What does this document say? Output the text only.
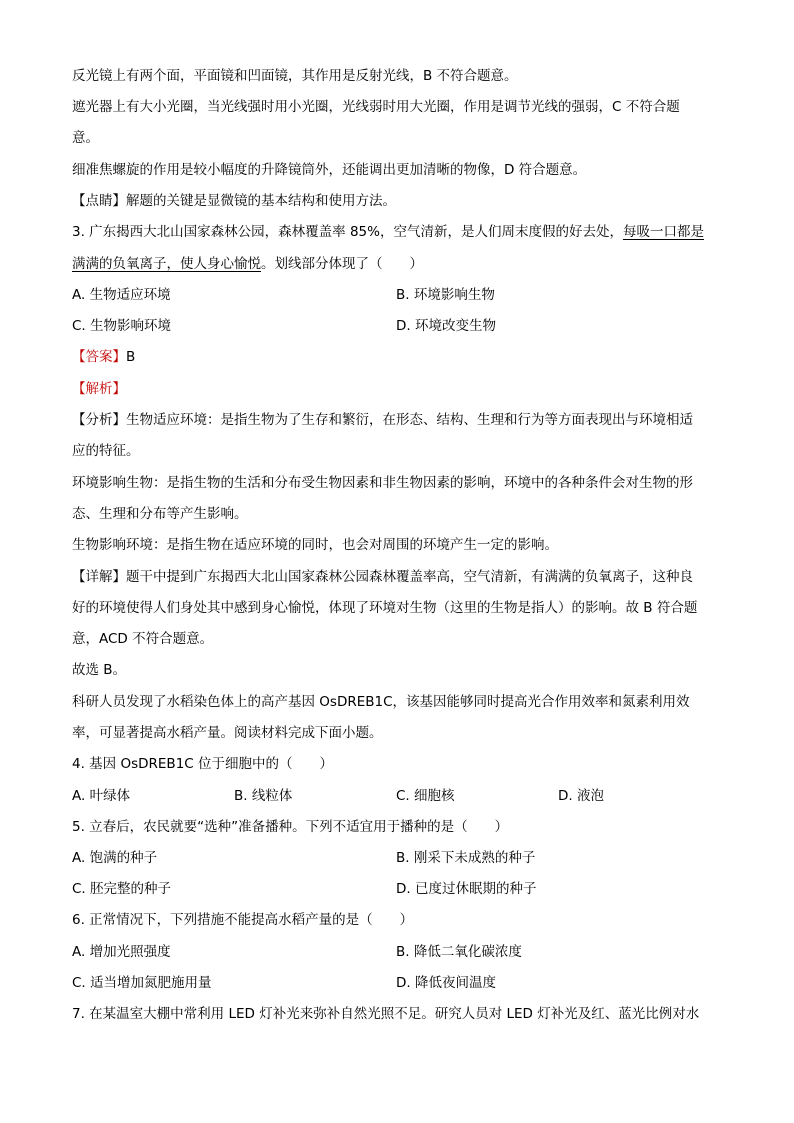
反光镜上有两个面，平面镜和凹面镜，其作用是反射光线，B 不符合题意。
遮光器上有大小光圈，当光线强时用小光圈，光线弱时用大光圈，作用是调节光线的强弱，C 不符合题
意。
细准焦螺旋的作用是较小幅度的升降镜筒外，还能调出更加清晰的物像，D 符合题意。
【点睛】解题的关键是显微镜的基本结构和使用方法。
3. 广东揭西大北山国家森林公园，森林覆盖率 85%，空气清新，是人们周末度假的好去处，每吸一口都是
满满的负氧离子，使人身心愉悦。划线部分体现了（　　）
A. 生物适应环境	B. 环境影响生物
C. 生物影响环境	D. 环境改变生物
【答案】B
【解析】
【分析】生物适应环境：是指生物为了生存和繁衍，在形态、结构、生理和行为等方面表现出与环境相适
应的特征。
环境影响生物：是指生物的生活和分布受生物因素和非生物因素的影响，环境中的各种条件会对生物的形
态、生理和分布等产生影响。
生物影响环境：是指生物在适应环境的同时，也会对周围的环境产生一定的影响。
【详解】题干中提到广东揭西大北山国家森林公园森林覆盖率高，空气清新，有满满的负氧离子，这种良
好的环境使得人们身处其中感到身心愉悦，体现了环境对生物（这里的生物是指人）的影响。故 B 符合题
意，ACD 不符合题意。
故选 B。
科研人员发现了水稻染色体上的高产基因 OsDREB1C，该基因能够同时提高光合作用效率和氮素利用效
率，可显著提高水稻产量。阅读材料完成下面小题。
4. 基因 OsDREB1C 位于细胞中的（　　）
A. 叶绿体	B. 线粒体	C. 细胞核	D. 液泡
5. 立春后，农民就要“选种”准备播种。下列不适宜用于播种的是（　　）
A. 饱满的种子	B. 刚采下未成熟的种子
C. 胚完整的种子	D. 已度过休眠期的种子
6. 正常情况下，下列措施不能提高水稻产量的是（　　）
A. 增加光照强度	B. 降低二氧化碳浓度
C. 适当增加氮肥施用量	D. 降低夜间温度
7. 在某温室大棚中常利用 LED 灯补光来弥补自然光照不足。研究人员对 LED 灯补光及红、蓝光比例对水
